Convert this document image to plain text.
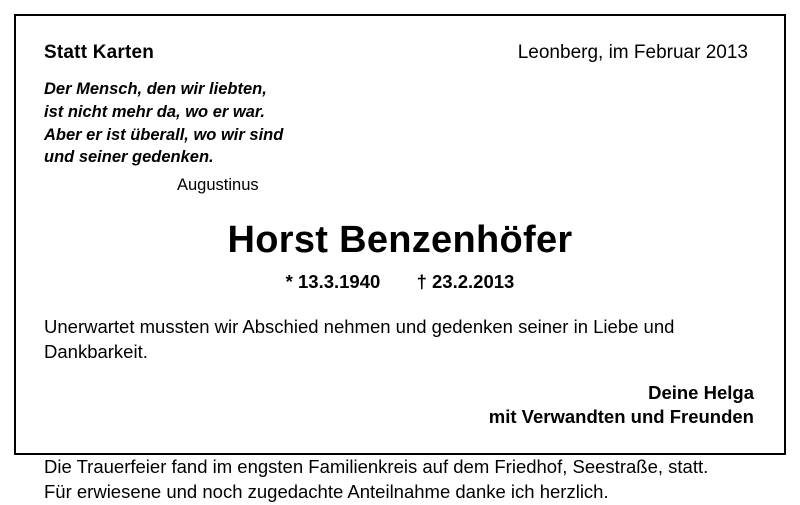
Statt Karten	Leonberg, im Februar 2013
Der Mensch, den wir liebten,
ist nicht mehr da, wo er war.
Aber er ist überall, wo wir sind
und seiner gedenken.
Augustinus
Horst Benzenhöfer
* 13.3.1940 † 23.2.2013
Unerwartet mussten wir Abschied nehmen und gedenken seiner in Liebe und Dankbarkeit.
Deine Helga
mit Verwandten und Freunden
Die Trauerfeier fand im engsten Familienkreis auf dem Friedhof, Seestraße, statt.
Für erwiesene und noch zugedachte Anteilnahme danke ich herzlich.
